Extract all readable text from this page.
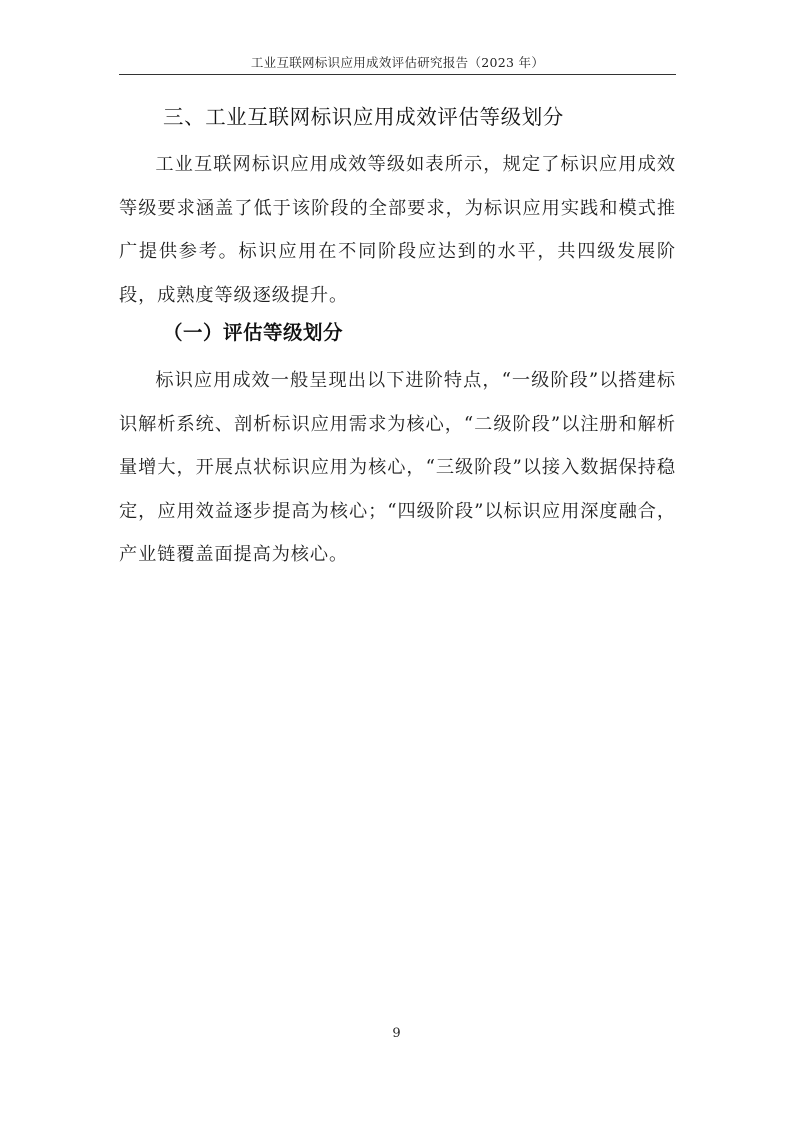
工业互联网标识应用成效评估研究报告（2023 年）
三、工业互联网标识应用成效评估等级划分

工业互联网标识应用成效等级如表所示，规定了标识应用成效等级要求涵盖了低于该阶段的全部要求，为标识应用实践和模式推广提供参考。标识应用在不同阶段应达到的水平，共四级发展阶段，成熟度等级逐级提升。

（一）评估等级划分

标识应用成效一般呈现出以下进阶特点，“一级阶段”以搭建标识解析系统、剖析标识应用需求为核心，“二级阶段”以注册和解析量增大，开展点状标识应用为核心，“三级阶段”以接入数据保持稳定，应用效益逐步提高为核心；“四级阶段”以标识应用深度融合，产业链覆盖面提高为核心。

9
